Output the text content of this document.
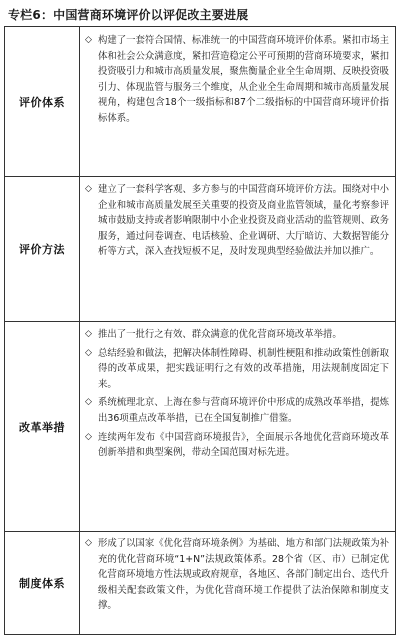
专栏6：中国营商环境评价以评促改主要进展
评价体系
◇ 构建了一套符合国情、标准统一的中国营商环境评价体系。紧扣市场主体和社会公众满意度，紧扣营造稳定公平可预期的营商环境要求，紧扣投资吸引力和城市高质量发展，聚焦衡量企业全生命周期、反映投资吸引力、体现监管与服务三个维度，从企业全生命周期和城市高质量发展视角，构建包含18个一级指标和87个二级指标的中国营商环境评价指标体系。
评价方法
◇ 建立了一套科学客观、多方参与的中国营商环境评价方法。围绕对中小企业和城市高质量发展至关重要的投资及商业监管领域，量化考察参评城市鼓励支持或者影响限制中小企业投资及商业活动的监管规则、政务服务，通过问卷调查、电话核验、企业调研、大厅暗访、大数据智能分析等方式，深入查找短板不足，及时发现典型经验做法并加以推广。
改革举措
◇ 推出了一批行之有效、群众满意的优化营商环境改革举措。
◇ 总结经验和做法，把解决体制性障碍、机制性梗阻和推动政策性创新取得的改革成果，把实践证明行之有效的改革措施，用法规制度固定下来。
◇ 系统梳理北京、上海在参与营商环境评价中形成的成熟改革举措，提炼出36项重点改革举措，已在全国复制推广借鉴。
◇ 连续两年发布《中国营商环境报告》，全面展示各地优化营商环境改革创新举措和典型案例，带动全国范围对标先进。
制度体系
◇ 形成了以国家《优化营商环境条例》为基础、地方和部门法规政策为补充的优化营商环境“1+N”法规政策体系。28个省（区、市）已制定优化营商环境地方性法规或政府规章，各地区、各部门制定出台、迭代升级相关配套政策文件，为优化营商环境工作提供了法治保障和制度支撑。
